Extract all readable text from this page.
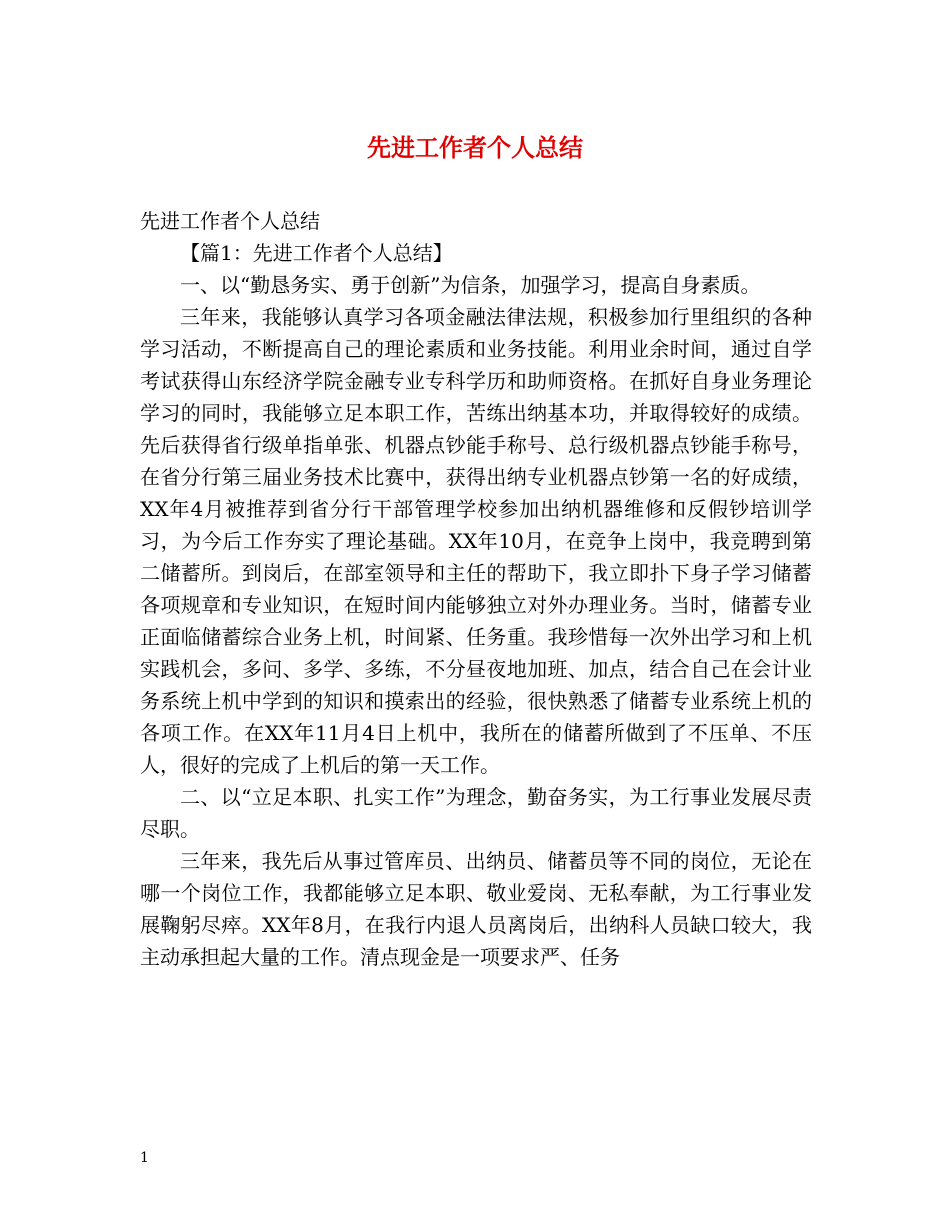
先进工作者个人总结

先进工作者个人总结

【篇1：先进工作者个人总结】

一、以“勤恳务实、勇于创新”为信条，加强学习，提高自身素质。

三年来，我能够认真学习各项金融法律法规，积极参加行里组织的各种学习活动，不断提高自己的理论素质和业务技能。利用业余时间，通过自学考试获得山东经济学院金融专业专科学历和助师资格。在抓好自身业务理论学习的同时，我能够立足本职工作，苦练出纳基本功，并取得较好的成绩。先后获得省行级单指单张、机器点钞能手称号、总行级机器点钞能手称号，在省分行第三届业务技术比赛中，获得出纳专业机器点钞第一名的好成绩，XX年4月被推荐到省分行干部管理学校参加出纳机器维修和反假钞培训学习，为今后工作夯实了理论基础。XX年10月，在竞争上岗中，我竞聘到第二储蓄所。到岗后，在部室领导和主任的帮助下，我立即扑下身子学习储蓄各项规章和专业知识，在短时间内能够独立对外办理业务。当时，储蓄专业正面临储蓄综合业务上机，时间紧、任务重。我珍惜每一次外出学习和上机实践机会，多问、多学、多练，不分昼夜地加班、加点，结合自己在会计业务系统上机中学到的知识和摸索出的经验，很快熟悉了储蓄专业系统上机的各项工作。在XX年11月4日上机中，我所在的储蓄所做到了不压单、不压人，很好的完成了上机后的第一天工作。

二、以“立足本职、扎实工作”为理念，勤奋务实，为工行事业发展尽责尽职。

三年来，我先后从事过管库员、出纳员、储蓄员等不同的岗位，无论在哪一个岗位工作，我都能够立足本职、敬业爱岗、无私奉献，为工行事业发展鞠躬尽瘁。XX年8月，在我行内退人员离岗后，出纳科人员缺口较大，我主动承担起大量的工作。清点现金是一项要求严、任务

1
